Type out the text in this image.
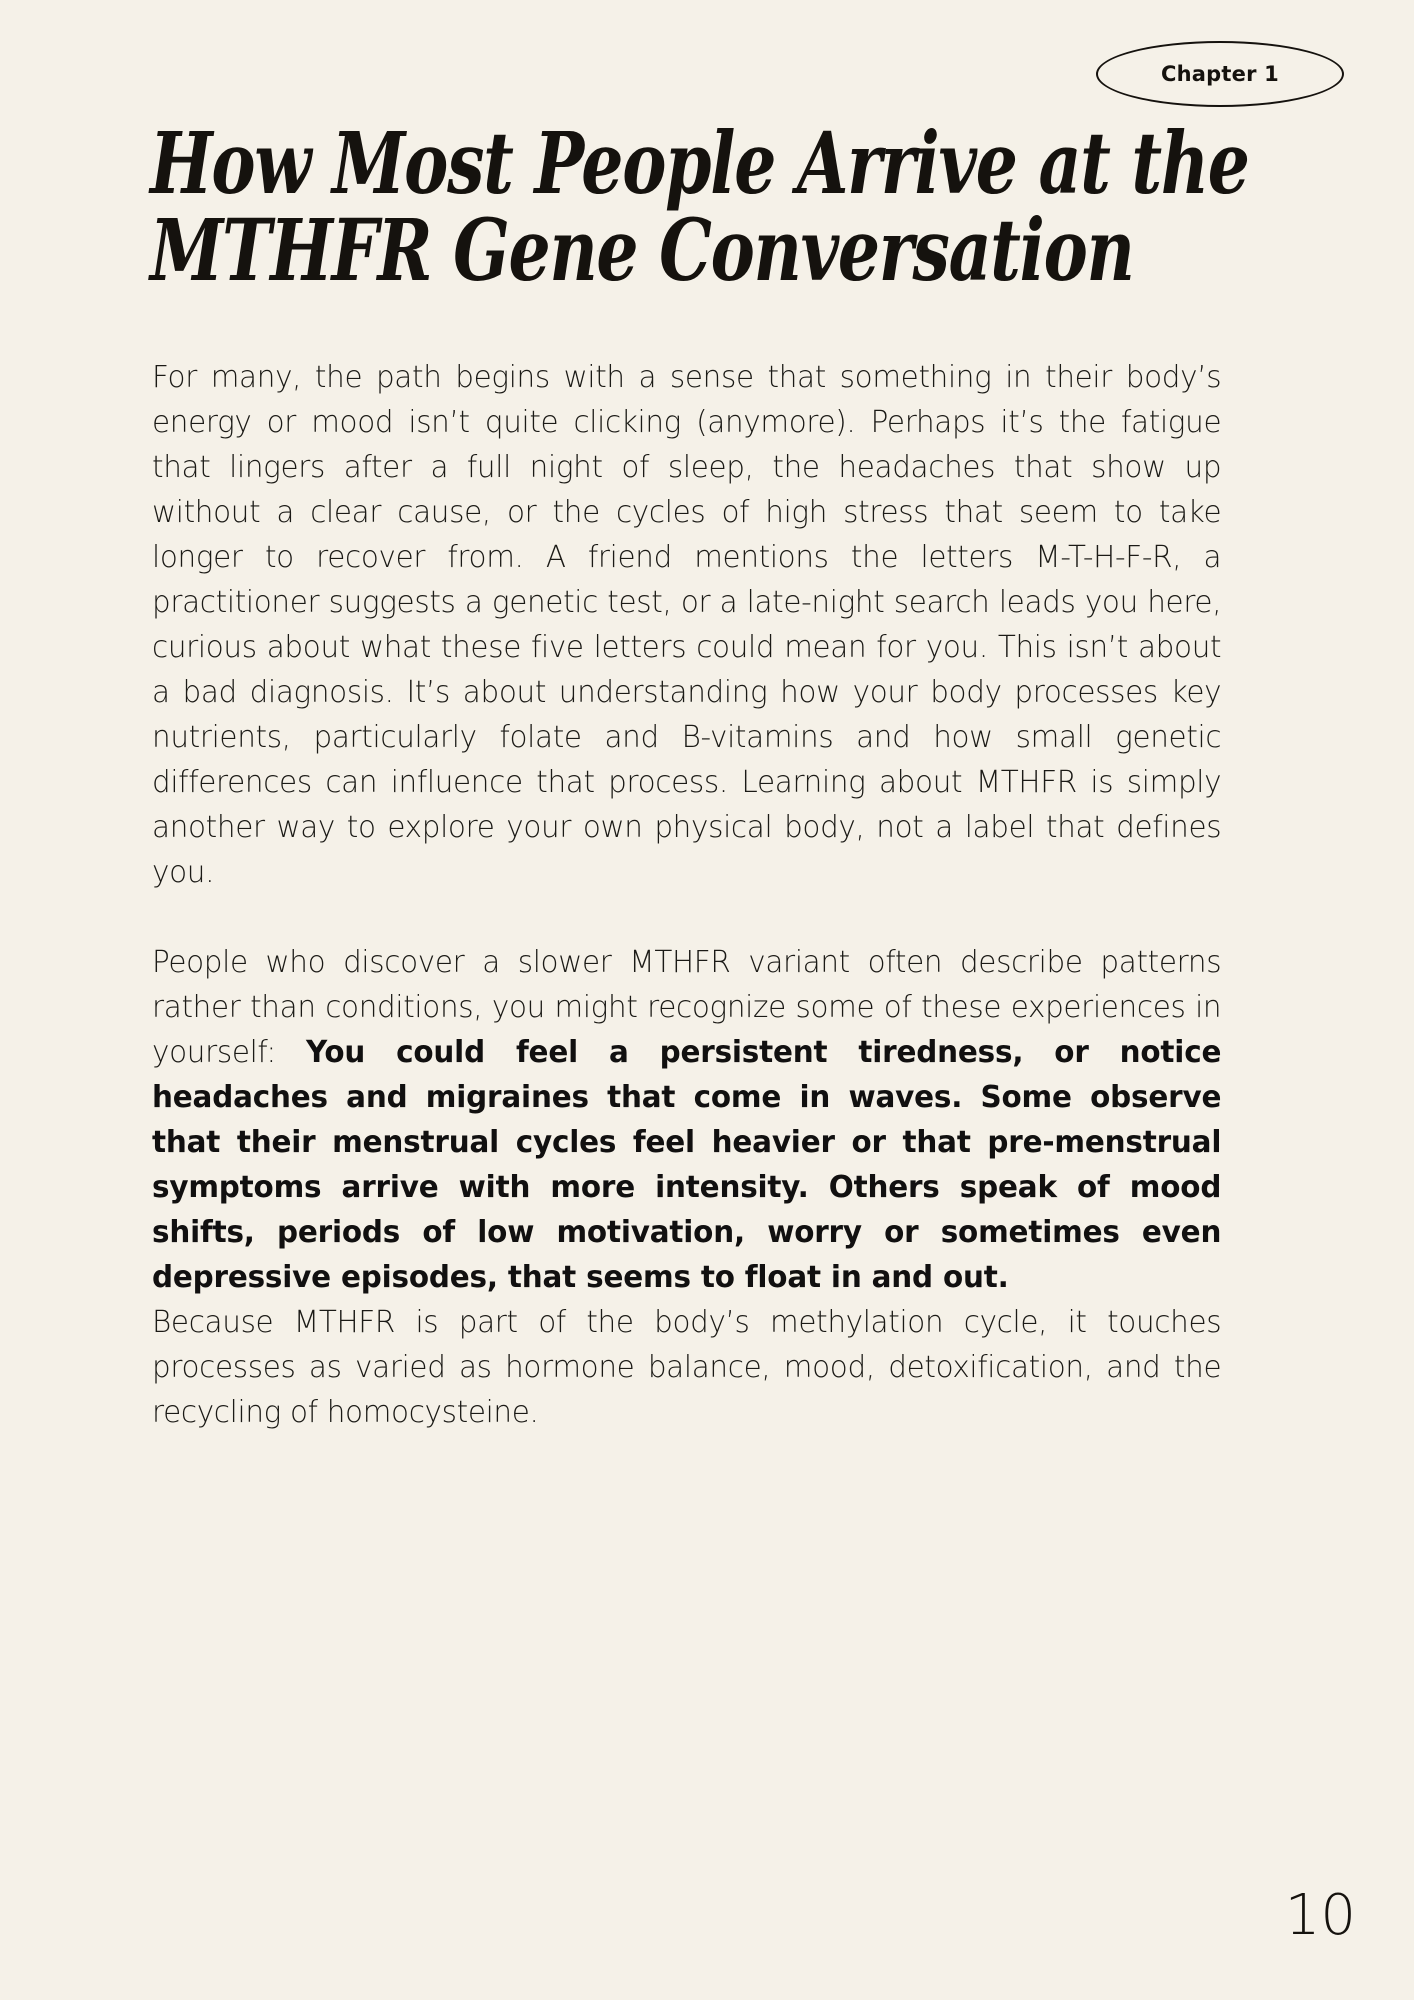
Chapter 1
How Most People Arrive at the
MTHFR Gene Conversation

For many, the path begins with a sense that something in their body’s energy or mood isn’t quite clicking (anymore). Perhaps it’s the fatigue that lingers after a full night of sleep, the headaches that show up without a clear cause, or the cycles of high stress that seem to take longer to recover from. A friend mentions the letters M-T-H-F-R, a practitioner suggests a genetic test, or a late-night search leads you here, curious about what these five letters could mean for you. This isn’t about a bad diagnosis. It’s about understanding how your body processes key nutrients, particularly folate and B-vitamins and how small genetic differences can influence that process. Learning about MTHFR is simply another way to explore your own physical body, not a label that defines you.

People who discover a slower MTHFR variant often describe patterns rather than conditions, you might recognize some of these experiences in yourself: You could feel a persistent tiredness, or notice headaches and migraines that come in waves. Some observe that their menstrual cycles feel heavier or that pre-menstrual symptoms arrive with more intensity. Others speak of mood shifts, periods of low motivation, worry or sometimes even depressive episodes, that seems to float in and out.

Because MTHFR is part of the body’s methylation cycle, it touches processes as varied as hormone balance, mood, detoxification, and the recycling of homocysteine.

10
